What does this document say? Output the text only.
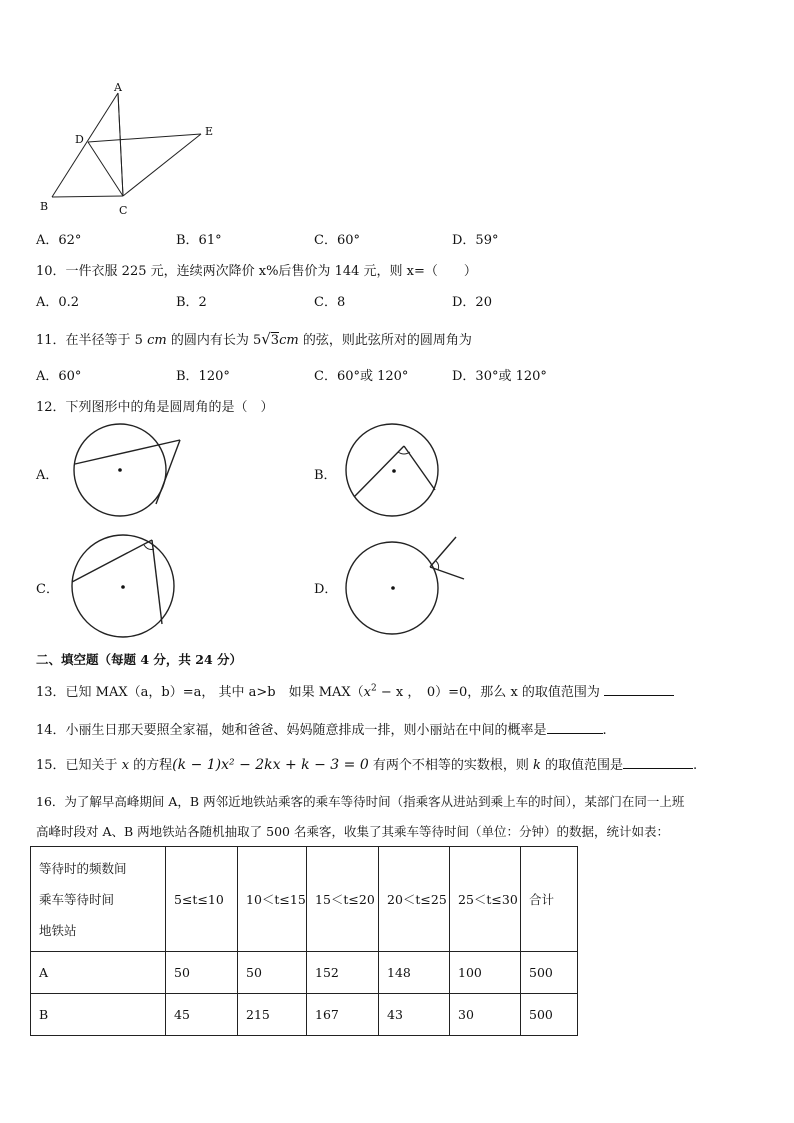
A
D
E
B	C
A．62°	B．61°	C．60°	D．59°
10．一件衣服 225 元，连续两次降价 x%后售价为 144 元，则 x=（　　）
A．0.2	B．2	C．8	D．20
11．在半径等于 5 cm 的圆内有长为 5√3cm 的弦，则此弦所对的圆周角为
A．60°	B．120°	C．60°或 120°	D．30°或 120°
12．下列图形中的角是圆周角的是（　）
A．	B．
C．	D．
二、填空题（每题 4 分，共 24 分）
13．已知 MAX（a，b）=a， 其中 a>b　如果 $MAX(x^2 - x$ ，　0）=0，那么 x 的取值范围为
14．小丽生日那天要照全家福，她和爸爸、妈妈随意排成一排，则小丽站在中间的概率是	.
15．已知关于 x 的方程(k − 1)x² − 2kx + k − 3 = 0 有两个不相等的实数根，则 k 的取值范围是	.
16．为了解早高峰期间 A，B 两邻近地铁站乘客的乘车等待时间（指乘客从进站到乘上车的时间），某部门在同一上班
高峰时段对 A、B 两地铁站各随机抽取了 500 名乘客，收集了其乘车等待时间（单位：分钟）的数据，统计如表：
等待时的频数间
乘车等待时间
地铁站	5≤t≤10	10＜t≤15	15＜t≤20	20＜t≤25	25＜t≤30	合计
A	50	50	152	148	100	500
B	45	215	167	43	30	500
